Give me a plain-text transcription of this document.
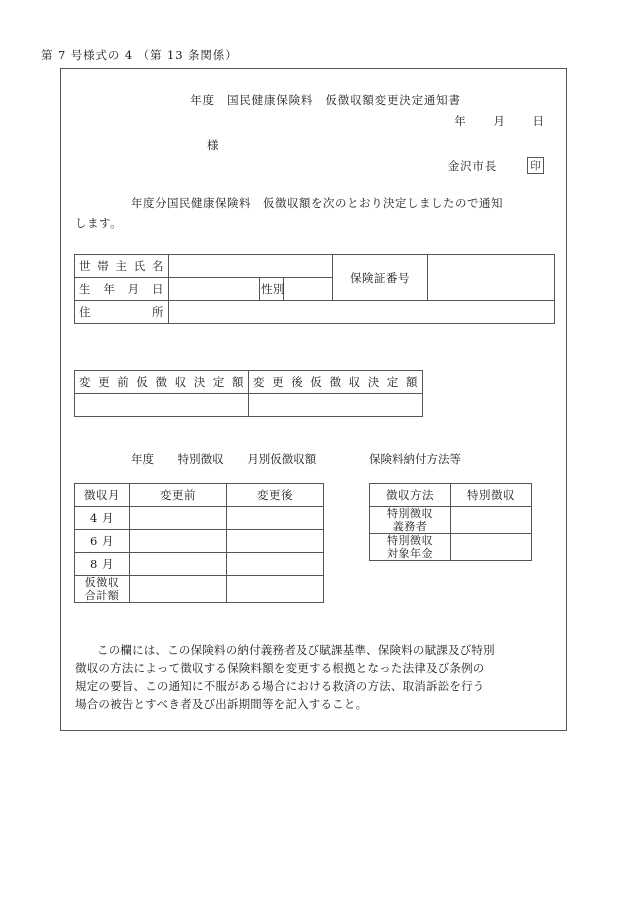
第 7 号様式の 4 （第 13 条関係）
年度　国民健康保険料　仮徴収額変更決定通知書
年 月 日
様
金沢市長	印
年度分国民健康保険料　仮徴収額を次のとおり決定しましたので通知
します。
世帯主氏名				保険証番号	
生年月日		性別			
住所					
変更前仮徴収決定額	変更後仮徴収決定額

年度 特別徴収 月別仮徴収額	保険料納付方法等
徴収月	変更前	変更後
4 月		
6 月		
8 月		

仮徴収
合計額		

徴収方法	特別徴収

特別徴収
義務者	

特別徴収
対象年金	

この欄には、この保険料の納付義務者及び賦課基準、保険料の賦課及び特別
徴収の方法によって徴収する保険料額を変更する根拠となった法律及び条例の
規定の要旨、この通知に不服がある場合における救済の方法、取消訴訟を行う
場合の被告とすべき者及び出訴期間等を記入すること。
